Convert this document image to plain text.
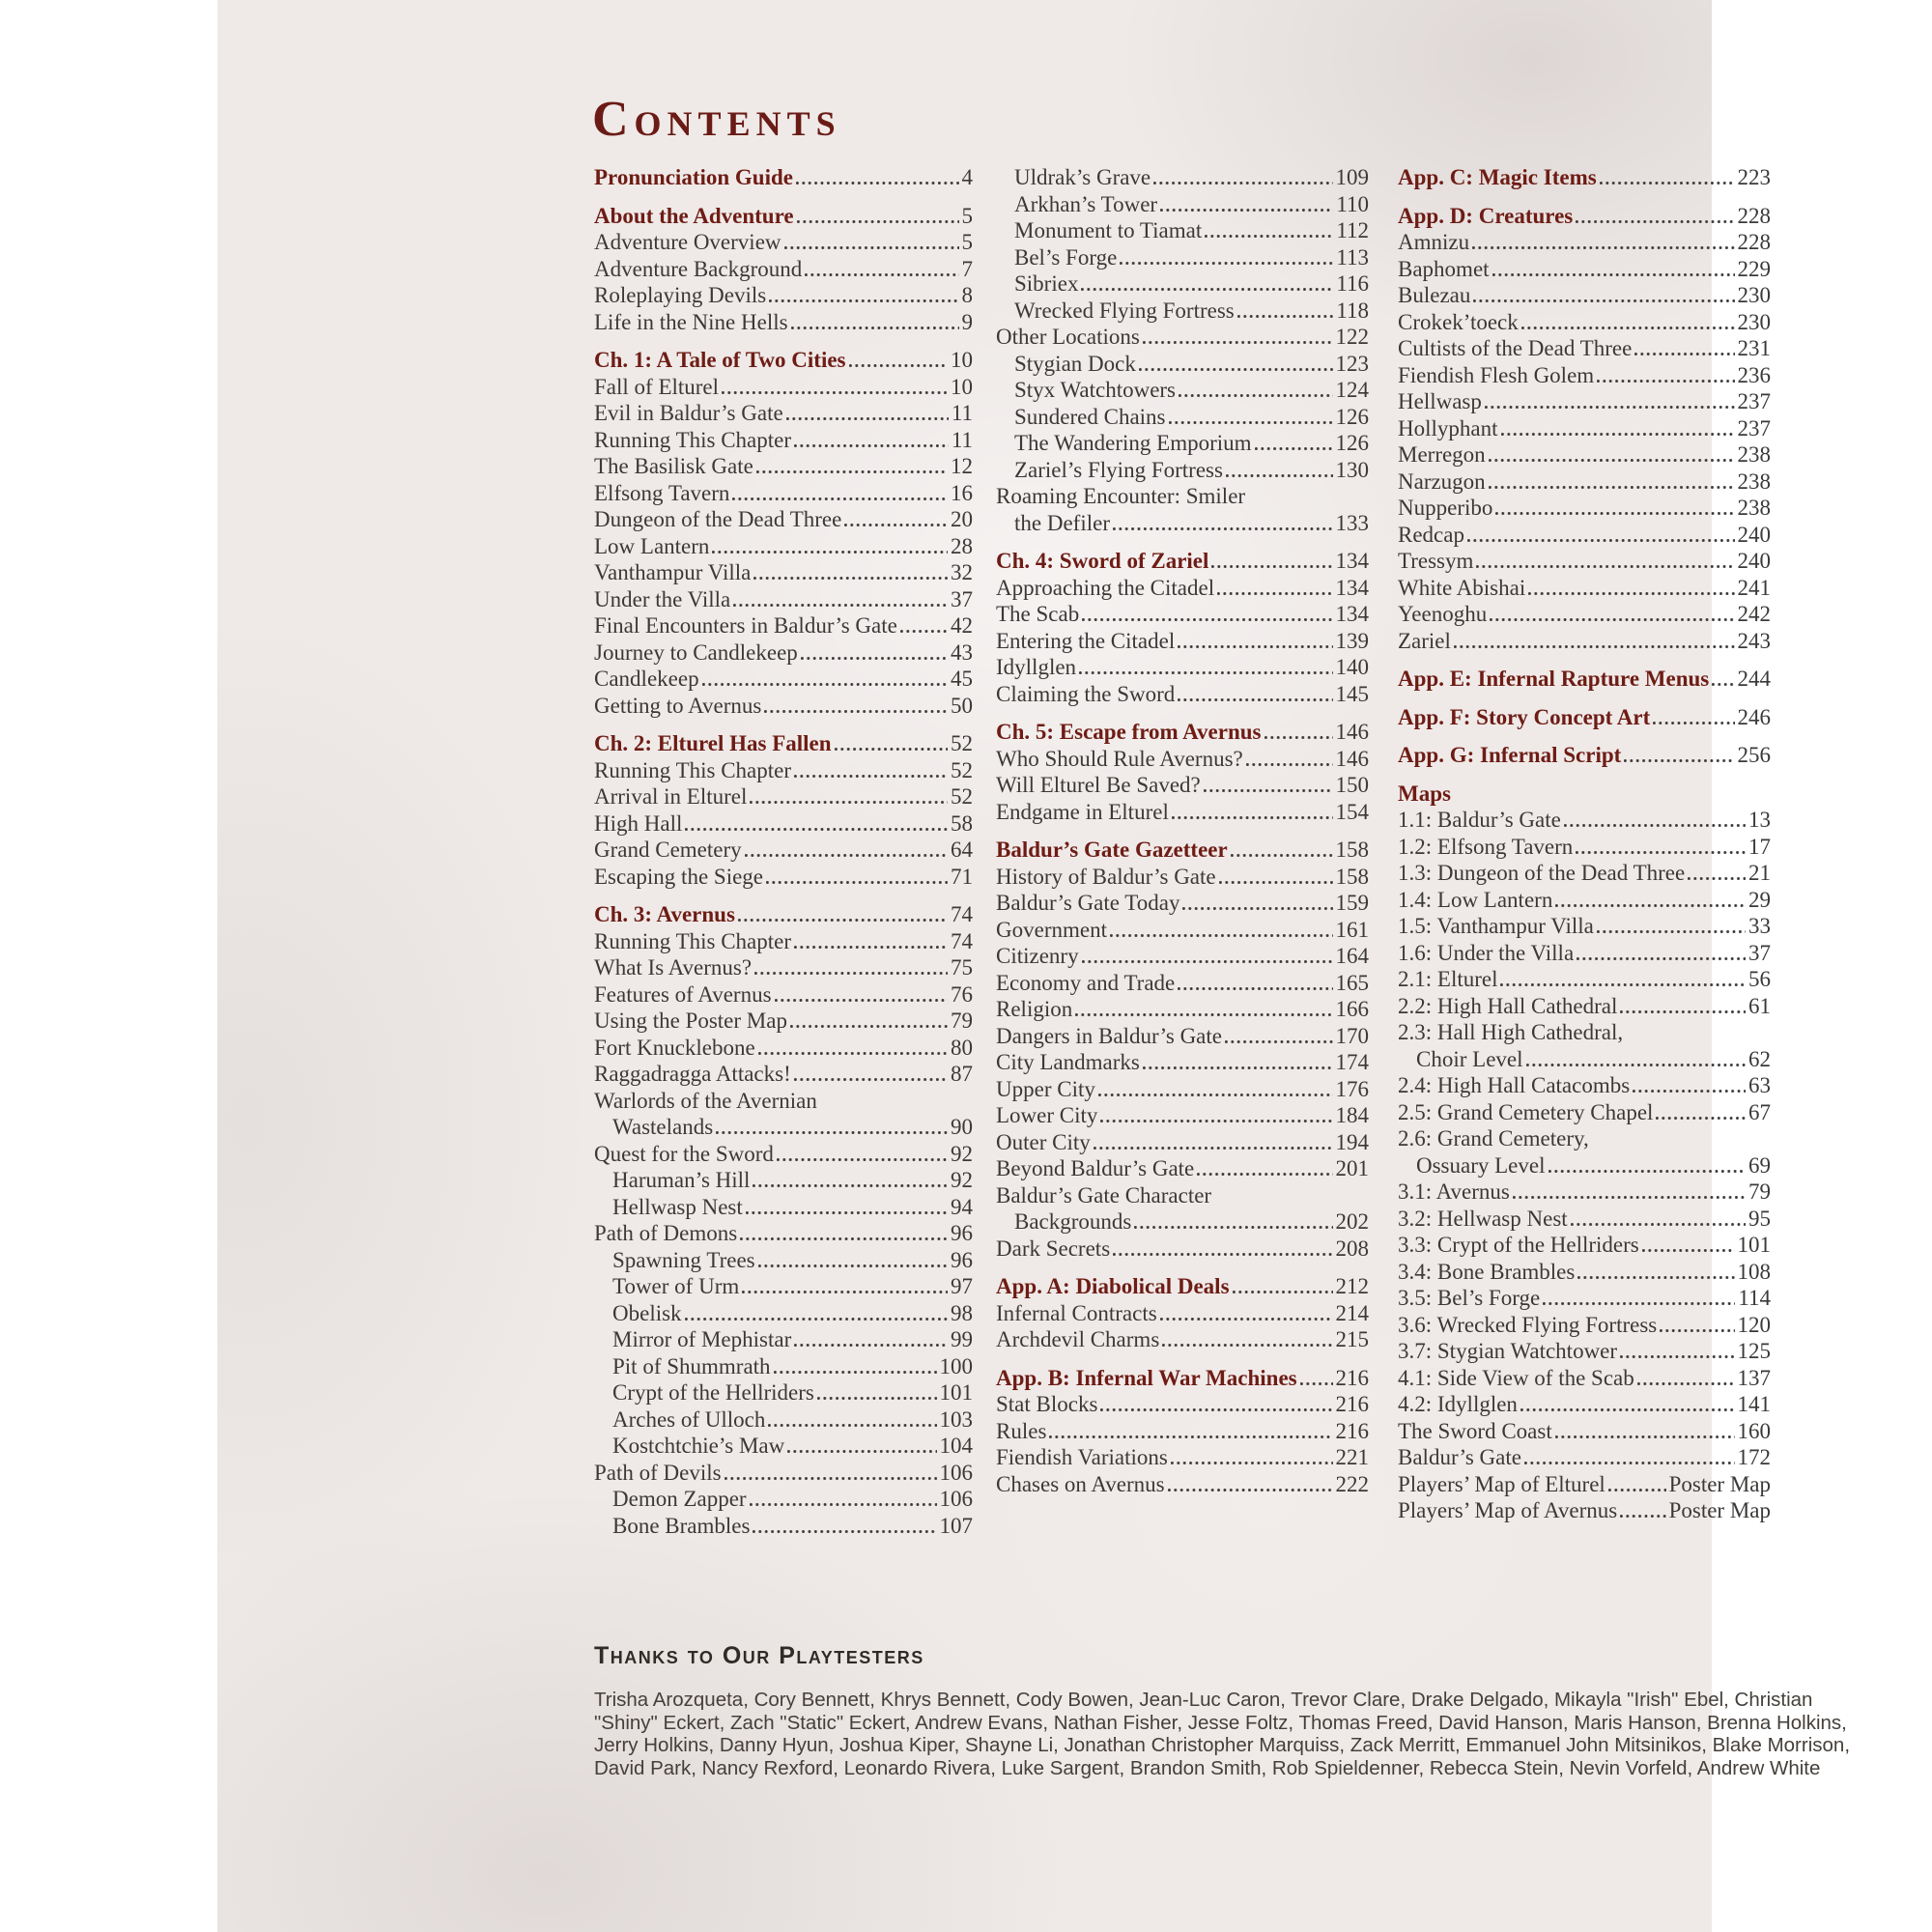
Contents
Pronunciation Guide	4
About the Adventure	5
Adventure Overview	5
Adventure Background	7
Roleplaying Devils	8
Life in the Nine Hells	9
Ch. 1: A Tale of Two Cities	10
Fall of Elturel	10
Evil in Baldur’s Gate	11
Running This Chapter	11
The Basilisk Gate	12
Elfsong Tavern	16
Dungeon of the Dead Three	20
Low Lantern	28
Vanthampur Villa	32
Under the Villa	37
Final Encounters in Baldur’s Gate 42
Journey to Candlekeep	43
Candlekeep	45
Getting to Avernus	50
Ch. 2: Elturel Has Fallen	52
Running This Chapter	52
Arrival in Elturel	52
High Hall	58
Grand Cemetery	64
Escaping the Siege	71
Ch. 3: Avernus	74
Running This Chapter	74
What Is Avernus?	75
Features of Avernus	76
Using the Poster Map	79
Fort Knucklebone	80
Raggadragga Attacks!	87
Warlords of the Avernian
Wastelands	90
Quest for the Sword	92
Haruman’s Hill	92
Hellwasp Nest	94
Path of Demons	96
Spawning Trees	96
Tower of Urm	97
Obelisk	98
Mirror of Mephistar	99
Pit of Shummrath	100
Crypt of the Hellriders	101
Arches of Ulloch	103
Kostchtchie’s Maw	104
Path of Devils	106
Demon Zapper	106
Bone Brambles	107
Uldrak’s Grave	109
Arkhan’s Tower	110
Monument to Tiamat	112
Bel’s Forge	113
Sibriex	116
Wrecked Flying Fortress	118
Other Locations	122
Stygian Dock	123
Styx Watchtowers	124
Sundered Chains	126
The Wandering Emporium	126
Zariel’s Flying Fortress	130
Roaming Encounter: Smiler
the Defiler	133
Ch. 4: Sword of Zariel	134
Approaching the Citadel	134
The Scab	134
Entering the Citadel	139
Idyllglen	140
Claiming the Sword	145
Ch. 5: Escape from Avernus	146
Who Should Rule Avernus?	146
Will Elturel Be Saved?	150
Endgame in Elturel	154
Baldur’s Gate Gazetteer	158
History of Baldur’s Gate	158
Baldur’s Gate Today	159
Government	161
Citizenry	164
Economy and Trade	165
Religion	166
Dangers in Baldur’s Gate	170
City Landmarks	174
Upper City	176
Lower City	184
Outer City	194
Beyond Baldur’s Gate	201
Baldur’s Gate Character
Backgrounds	202
Dark Secrets	208
App. A: Diabolical Deals	212
Infernal Contracts	214
Archdevil Charms	215
App. B: Infernal War Machines 216
Stat Blocks	216
Rules	216
Fiendish Variations	221
Chases on Avernus	222
App. C: Magic Items	223
App. D: Creatures	228
Amnizu	228
Baphomet	229
Bulezau	230
Crokek’toeck	230
Cultists of the Dead Three	231
Fiendish Flesh Golem	236
Hellwasp	237
Hollyphant	237
Merregon	238
Narzugon	238
Nupperibo	238
Redcap	240
Tressym	240
White Abishai	241
Yeenoghu	242
Zariel	243
App. E: Infernal Rapture Menus 244
App. F: Story Concept Art	246
App. G: Infernal Script	256
Maps
1.1: Baldur’s Gate	13
1.2: Elfsong Tavern	17
1.3: Dungeon of the Dead Three	21
1.4: Low Lantern	29
1.5: Vanthampur Villa	33
1.6: Under the Villa	37
2.1: Elturel	56
2.2: High Hall Cathedral	61
2.3: Hall High Cathedral,
Choir Level	62
2.4: High Hall Catacombs	63
2.5: Grand Cemetery Chapel	67
2.6: Grand Cemetery,
Ossuary Level	69
3.1: Avernus	79
3.2: Hellwasp Nest	95
3.3: Crypt of the Hellriders	101
3.4: Bone Brambles	108
3.5: Bel’s Forge	114
3.6: Wrecked Flying Fortress	120
3.7: Stygian Watchtower	125
4.1: Side View of the Scab	137
4.2: Idyllglen	141
The Sword Coast	160
Baldur’s Gate	172
Players’ Map of Elturel	Poster Map
Players’ Map of Avernus Poster Map
Thanks to Our Playtesters
Trisha Arozqueta, Cory Bennett, Khrys Bennett, Cody Bowen, Jean-Luc Caron, Trevor Clare, Drake Delgado, Mikayla "Irish" Ebel, Christian
"Shiny" Eckert, Zach "Static" Eckert, Andrew Evans, Nathan Fisher, Jesse Foltz, Thomas Freed, David Hanson, Maris Hanson, Brenna Holkins,
Jerry Holkins, Danny Hyun, Joshua Kiper, Shayne Li, Jonathan Christopher Marquiss, Zack Merritt, Emmanuel John Mitsinikos, Blake Morrison,
David Park, Nancy Rexford, Leonardo Rivera, Luke Sargent, Brandon Smith, Rob Spieldenner, Rebecca Stein, Nevin Vorfeld, Andrew White
